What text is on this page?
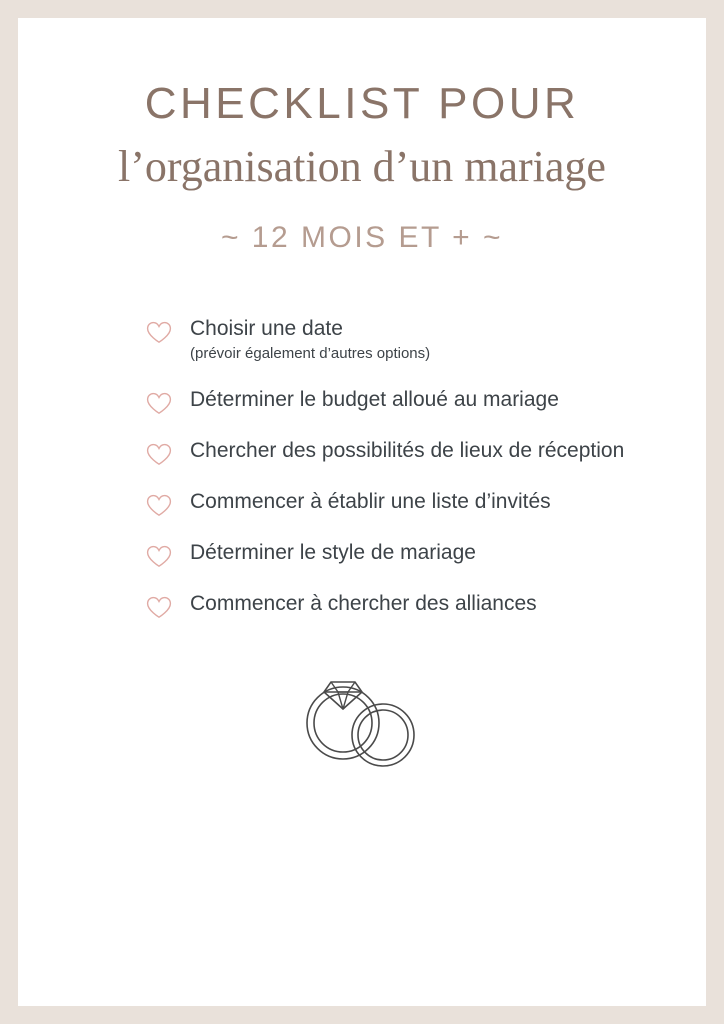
CHECKLIST POUR
l’organisation d’un mariage
~ 12 MOIS ET + ~
Choisir une date
(prévoir également d’autres options)
Déterminer le budget alloué au mariage
Chercher des possibilités de lieux de réception
Commencer à établir une liste d’invités
Déterminer le style de mariage
Commencer à chercher des alliances
